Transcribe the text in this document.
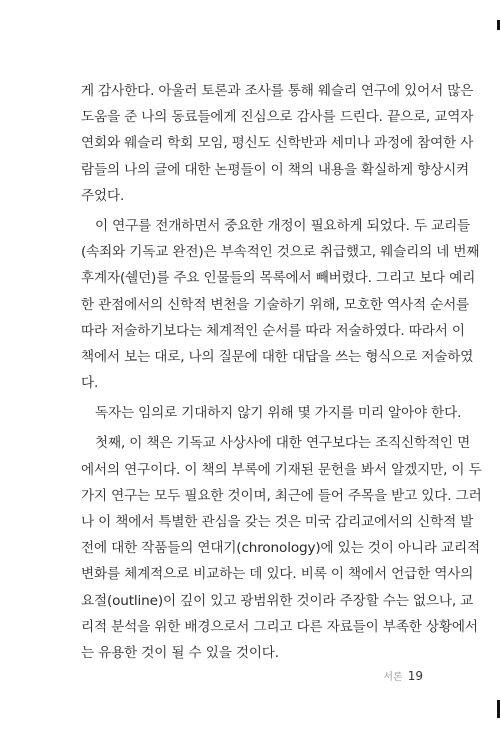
게 감사한다. 아울러 토론과 조사를 통해 웨슬리 연구에 있어서 많은
도움을 준 나의 동료들에게 진심으로 감사를 드린다. 끝으로, 교역자
연회와 웨슬리 학회 모임, 평신도 신학반과 세미나 과정에 참여한 사
람들의 나의 글에 대한 논평들이 이 책의 내용을 확실하게 향상시켜
주었다.
이 연구를 전개하면서 중요한 개정이 필요하게 되었다. 두 교리들
(속죄와 기독교 완전)은 부속적인 것으로 취급했고, 웨슬리의 네 번째
후계자(쉘던)를 주요 인물들의 목록에서 빼버렸다. 그리고 보다 예리
한 관점에서의 신학적 변천을 기술하기 위해, 모호한 역사적 순서를
따라 저술하기보다는 체계적인 순서를 따라 저술하였다. 따라서 이
책에서 보는 대로, 나의 질문에 대한 대답을 쓰는 형식으로 저술하였
다.
독자는 임의로 기대하지 않기 위해 몇 가지를 미리 알아야 한다.
첫째, 이 책은 기독교 사상사에 대한 연구보다는 조직신학적인 면
에서의 연구이다. 이 책의 부록에 기재된 문헌을 봐서 알겠지만, 이 두
가지 연구는 모두 필요한 것이며, 최근에 들어 주목을 받고 있다. 그러
나 이 책에서 특별한 관심을 갖는 것은 미국 감리교에서의 신학적 발
전에 대한 작품들의 연대기(chronology)에 있는 것이 아니라 교리적
변화를 체계적으로 비교하는 데 있다. 비록 이 책에서 언급한 역사의
요절(outline)이 깊이 있고 광범위한 것이라 주장할 수는 없으나, 교
리적 분석을 위한 배경으로서 그리고 다른 자료들이 부족한 상황에서
는 유용한 것이 될 수 있을 것이다.
서론 19
